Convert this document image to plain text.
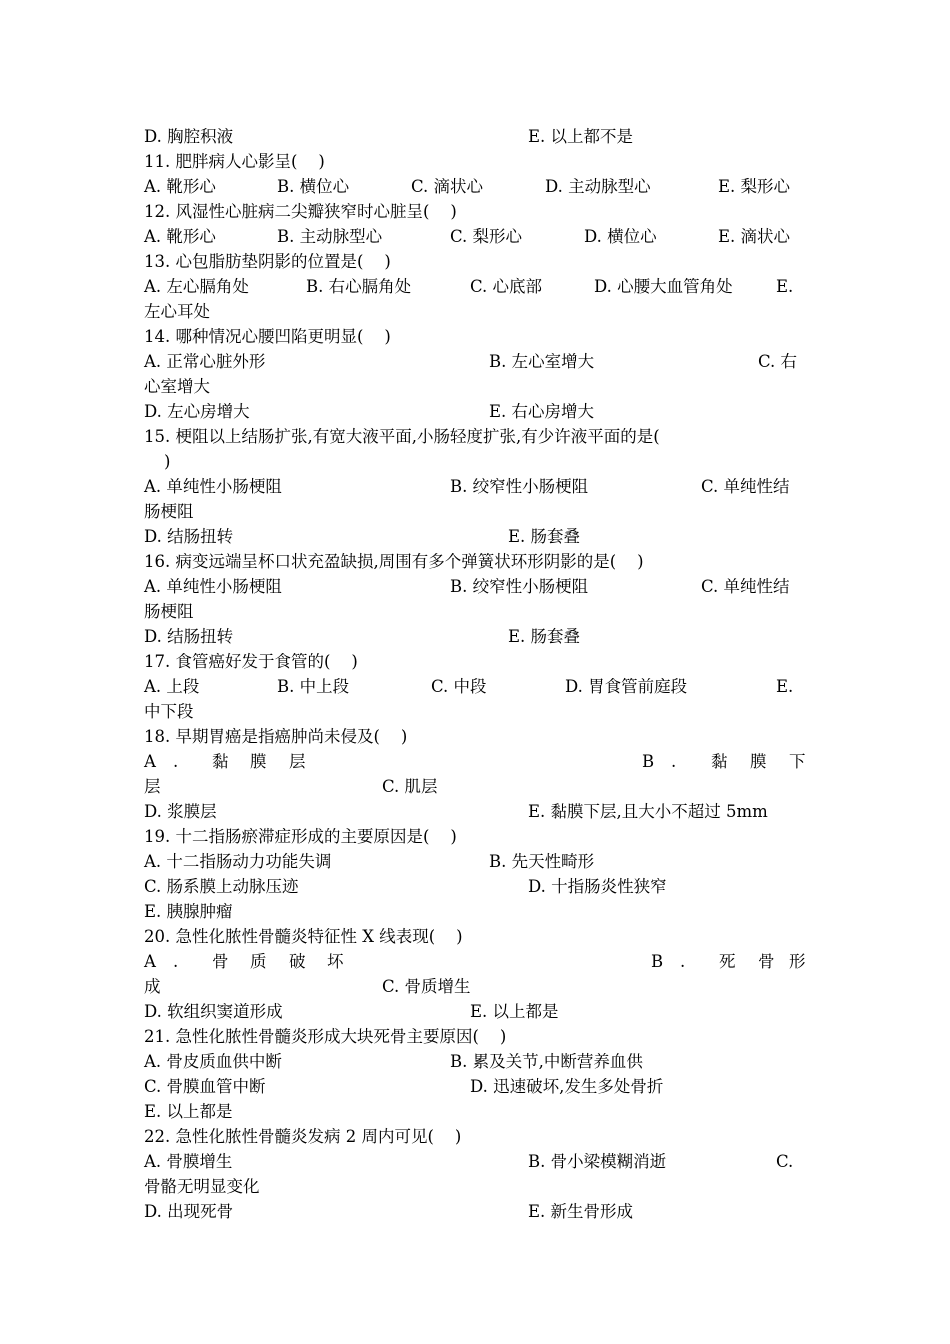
D. 胸腔积液	E. 以上都不是
11. 肥胖病人心影呈(    )
A. 靴形心	B. 横位心	C. 滴状心	D. 主动脉型心	E. 梨形心
12. 风湿性心脏病二尖瓣狭窄时心脏呈(    )
A. 靴形心	B. 主动脉型心	C. 梨形心	D. 横位心	E. 滴状心
13. 心包脂肪垫阴影的位置是(    )
A. 左心膈角处	B. 右心膈角处	C. 心底部	D. 心腰大血管角处	E.
左心耳处
14. 哪种情况心腰凹陷更明显(    )
A. 正常心脏外形	B. 左心室增大	C. 右
心室增大
D. 左心房增大	E. 右心房增大
15. 梗阻以上结肠扩张,有宽大液平面,小肠轻度扩张,有少许液平面的是(
)
A. 单纯性小肠梗阻	B. 绞窄性小肠梗阻	C. 单纯性结
肠梗阻
D. 结肠扭转	E. 肠套叠
16. 病变远端呈杯口状充盈缺损,周围有多个弹簧状环形阴影的是(    )
A. 单纯性小肠梗阻	B. 绞窄性小肠梗阻	C. 单纯性结
肠梗阻
D. 结肠扭转	E. 肠套叠
17. 食管癌好发于食管的(    )
A. 上段	B. 中上段	C. 中段	D. 胃食管前庭段	E.
中下段
18. 早期胃癌是指癌肿尚未侵及(    )
A . 黏 膜 层	B . 黏 膜 下
层	C. 肌层
D. 浆膜层	E. 黏膜下层,且大小不超过 5mm
19. 十二指肠瘀滞症形成的主要原因是(    )
A. 十二指肠动力功能失调	B. 先天性畸形
C. 肠系膜上动脉压迹	D. 十指肠炎性狭窄
E. 胰腺肿瘤
20. 急性化脓性骨髓炎特征性 X 线表现(    )
A . 骨 质 破 坏	B . 死 骨 形
成	C. 骨质增生
D. 软组织窦道形成	E. 以上都是
21. 急性化脓性骨髓炎形成大块死骨主要原因(    )
A. 骨皮质血供中断	B. 累及关节,中断营养血供
C. 骨膜血管中断	D. 迅速破坏,发生多处骨折
E. 以上都是
22. 急性化脓性骨髓炎发病 2 周内可见(    )
A. 骨膜增生	B. 骨小梁模糊消逝	C.
骨骼无明显变化
D. 出现死骨	E. 新生骨形成
